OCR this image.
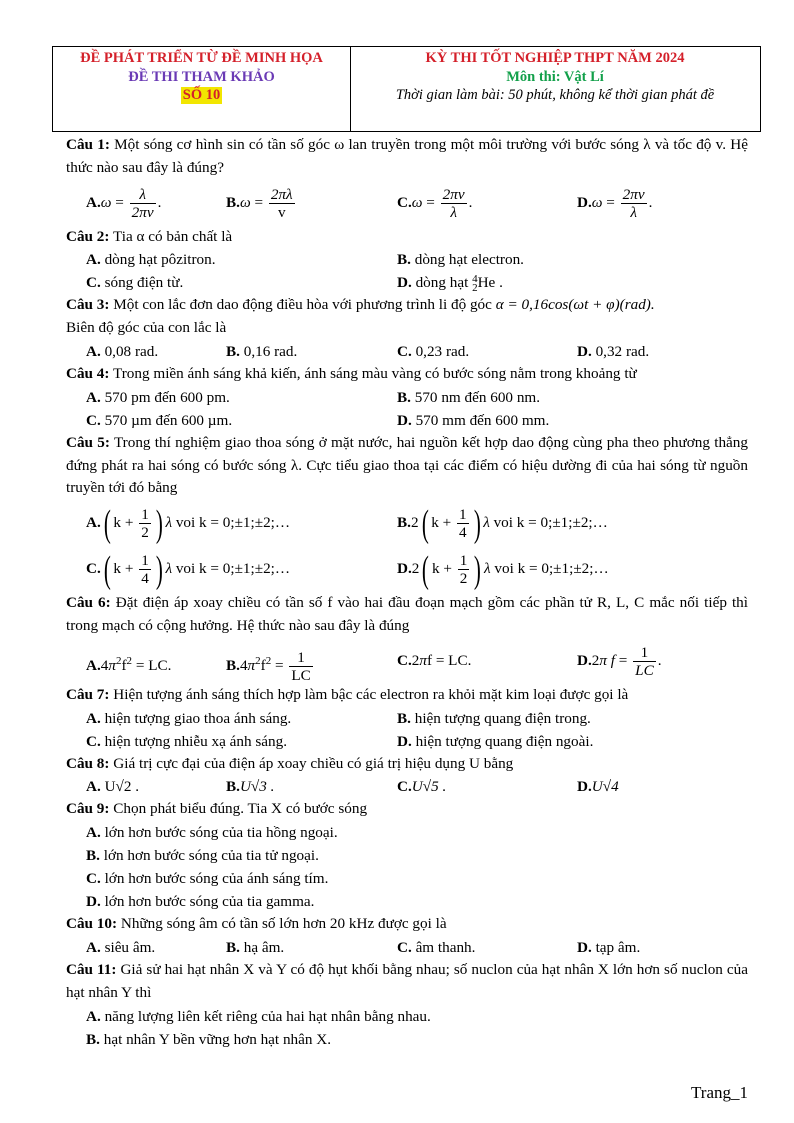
ĐỀ PHÁT TRIỂN TỪ ĐỀ MINH HỌA
ĐỀ THI THAM KHẢO
SỐ 10
KỲ THI TỐT NGHIỆP THPT NĂM 2024
Môn thi: Vật Lí
Thời gian làm bài: 50 phút, không kể thời gian phát đề
Câu 1: Một sóng cơ hình sin có tần số góc ω lan truyền trong một môi trường với bước sóng λ và tốc độ v. Hệ thức nào sau đây là đúng?
$A.\omega = \frac{\lambda}{2\pi v}$ .	$B.\omega = \frac{2\pi\lambda}{v}$	$C.\omega = \frac{2\pi v}{\lambda}$ .	$D.\omega = \frac{2\pi v}{\lambda}$ .
Câu 2: Tia α có bản chất là
A. dòng hạt pôzitron.	B. dòng hạt electron.
C. sóng điện từ.	D. dòng hạt 4
2He .
Câu 3: Một con lắc đơn dao động điều hòa với phương trình li độ góc α = 0,16cos(ωt + φ)(rad).
Biên độ góc của con lắc là
A. 0,08 rad.	B. 0,16 rad.	C. 0,23 rad.	D. 0,32 rad.
Câu 4: Trong miền ánh sáng khả kiến, ánh sáng màu vàng có bước sóng nằm trong khoảng từ
A. 570 pm đến 600 pm.	B. 570 nm đến 600 nm.
C. 570 µm đến 600 µm.	D. 570 mm đến 600 mm.
Câu 5: Trong thí nghiệm giao thoa sóng ở mặt nước, hai nguồn kết hợp dao động cùng pha theo phương thẳng đứng phát ra hai sóng có bước sóng λ. Cực tiểu giao thoa tại các điểm có hiệu dường đi của hai sóng từ nguồn truyền tới đó bằng
A.( $k + \frac{1}{2}$ ) λ voi k = 0;±1;±2;…	B.2( $k + \frac{1}{4}$ ) λ voi k = 0;±1;±2;…
C.( $k + \frac{1}{4}$ ) λ voi k = 0;±1;±2;…	D.2( $k + \frac{1}{2}$ ) λ voi k = 0;±1;±2;…
Câu 6: Đặt điện áp xoay chiều có tần số f vào hai đầu đoạn mạch gồm các phần tử R, L, C mắc nối tiếp thì trong mạch có cộng hưởng. Hệ thức nào sau đây là đúng
$A.4\pi^2f^2$ = LC.	$B.4\pi^2f^2 = \frac{1}{LC}$	C.2πf = LC.	D.2π $f = \frac{1}{LC}$ .
Câu 7: Hiện tượng ánh sáng thích hợp làm bậc các electron ra khỏi mặt kim loại được gọi là
A. hiện tượng giao thoa ánh sáng.	B. hiện tượng quang điện trong.
C. hiện tượng nhiễu xạ ánh sáng.	D. hiện tượng quang điện ngoài.
Câu 8: Giá trị cực đại của điện áp xoay chiều có giá trị hiệu dụng U bằng
A. U√2 .	B.U√3 .	C.U√5 .	D.U√4
Câu 9: Chọn phát biểu đúng. Tia X có bước sóng
A. lớn hơn bước sóng của tia hồng ngoại.
B. lớn hơn bước sóng của tia tử ngoại.
C. lớn hơn bước sóng của ánh sáng tím.
D. lớn hơn bước sóng của tia gamma.
Câu 10: Những sóng âm có tần số lớn hơn 20 kHz được gọi là
A. siêu âm.	B. hạ âm.	C. âm thanh.	D. tạp âm.
Câu 11: Giả sử hai hạt nhân X và Y có độ hụt khối bằng nhau; số nuclon của hạt nhân X lớn hơn số nuclon của hạt nhân Y thì
A. năng lượng liên kết riêng của hai hạt nhân bằng nhau.
B. hạt nhân Y bền vững hơn hạt nhân X.
Trang_1
